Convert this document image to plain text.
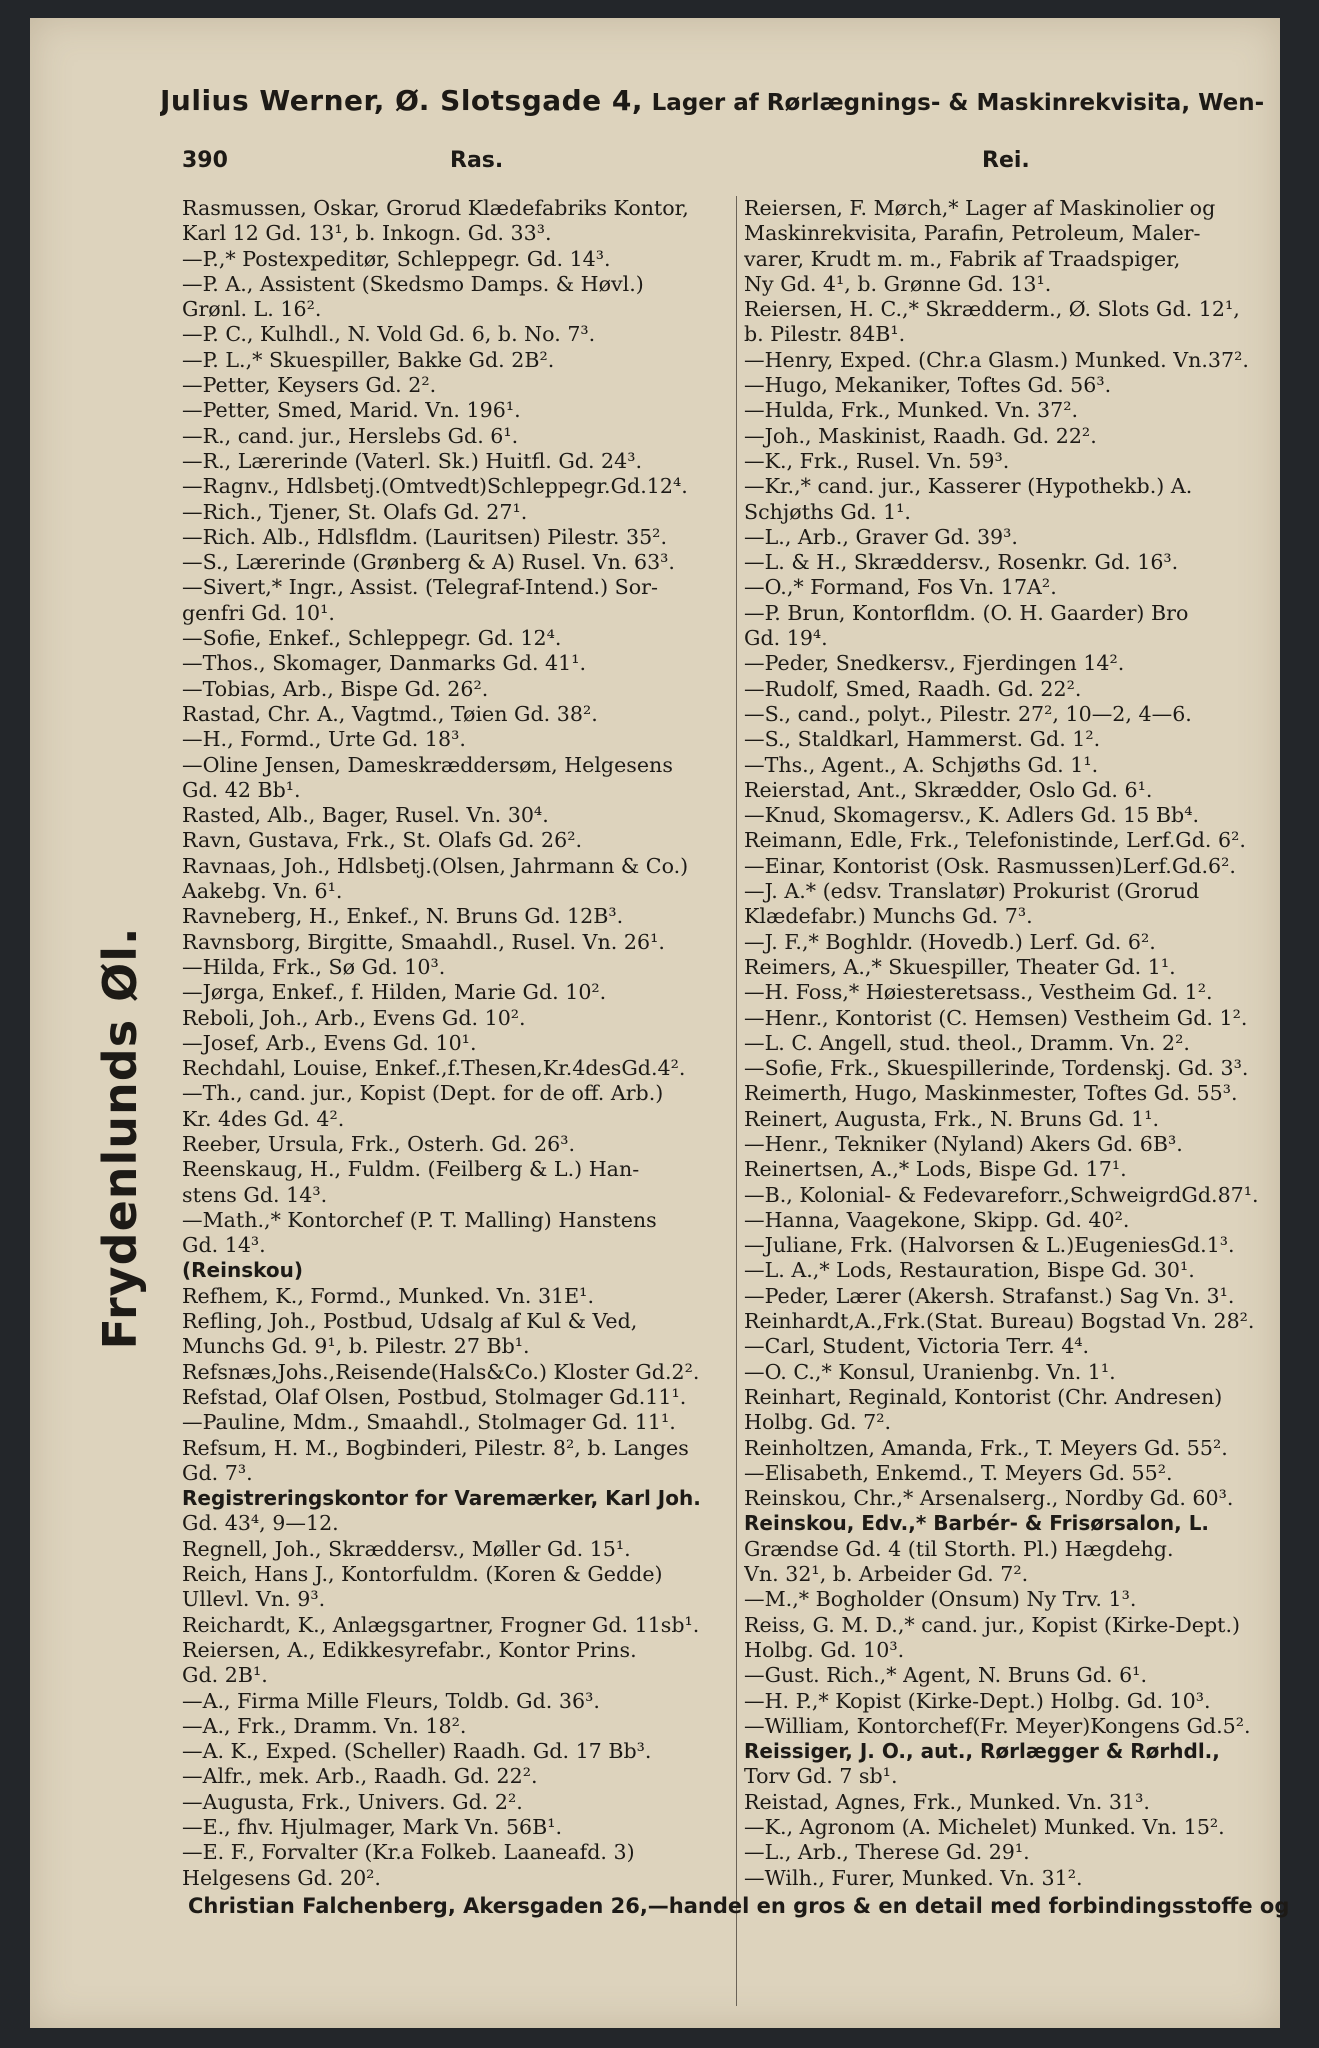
Julius Werner, Ø. Slotsgade 4, Lager af Rørlægnings- & Maskinrekvisita, Wen-
390	Ras.	Rei.
Frydenlunds Øl.
Rasmussen, Oskar, Grorud Klædefabriks Kontor,
Karl 12 Gd. 13¹, b. Inkogn. Gd. 33³.
—P.,* Postexpeditør, Schleppegr. Gd. 14³.
—P. A., Assistent (Skedsmo Damps. & Høvl.)
Grønl. L. 16².
—P. C., Kulhdl., N. Vold Gd. 6, b. No. 7³.
—P. L.,* Skuespiller, Bakke Gd. 2B².
—Petter, Keysers Gd. 2².
—Petter, Smed, Marid. Vn. 196¹.
—R., cand. jur., Herslebs Gd. 6¹.
—R., Lærerinde (Vaterl. Sk.) Huitfl. Gd. 24³.
—Ragnv., Hdlsbetj.(Omtvedt)Schleppegr.Gd.12⁴.
—Rich., Tjener, St. Olafs Gd. 27¹.
—Rich. Alb., Hdlsfldm. (Lauritsen) Pilestr. 35².
—S., Lærerinde (Grønberg & A) Rusel. Vn. 63³.
—Sivert,* Ingr., Assist. (Telegraf-Intend.) Sor-
genfri Gd. 10¹.
—Sofie, Enkef., Schleppegr. Gd. 12⁴.
—Thos., Skomager, Danmarks Gd. 41¹.
—Tobias, Arb., Bispe Gd. 26².
Rastad, Chr. A., Vagtmd., Tøien Gd. 38².
—H., Formd., Urte Gd. 18³.
—Oline Jensen, Dameskræddersøm, Helgesens
Gd. 42 Bb¹.
Rasted, Alb., Bager, Rusel. Vn. 30⁴.
Ravn, Gustava, Frk., St. Olafs Gd. 26².
Ravnaas, Joh., Hdlsbetj.(Olsen, Jahrmann & Co.)
Aakebg. Vn. 6¹.
Ravneberg, H., Enkef., N. Bruns Gd. 12B³.
Ravnsborg, Birgitte, Smaahdl., Rusel. Vn. 26¹.
—Hilda, Frk., Sø Gd. 10³.
—Jørga, Enkef., f. Hilden, Marie Gd. 10².
Reboli, Joh., Arb., Evens Gd. 10².
—Josef, Arb., Evens Gd. 10¹.
Rechdahl, Louise, Enkef.,f.Thesen,Kr.4desGd.4².
—Th., cand. jur., Kopist (Dept. for de off. Arb.)
Kr. 4des Gd. 4².
Reeber, Ursula, Frk., Osterh. Gd. 26³.
Reenskaug, H., Fuldm. (Feilberg & L.) Han-
stens Gd. 14³.
—Math.,* Kontorchef (P. T. Malling) Hanstens
Gd. 14³.
(Reinskou)
Refhem, K., Formd., Munked. Vn. 31E¹.
Refling, Joh., Postbud, Udsalg af Kul & Ved,
Munchs Gd. 9¹, b. Pilestr. 27 Bb¹.
Refsnæs,Johs.,Reisende(Hals&Co.) Kloster Gd.2².
Refstad, Olaf Olsen, Postbud, Stolmager Gd.11¹.
—Pauline, Mdm., Smaahdl., Stolmager Gd. 11¹.
Refsum, H. M., Bogbinderi, Pilestr. 8², b. Langes
Gd. 7³.
Registreringskontor for Varemærker, Karl Joh.
Gd. 43⁴, 9—12.
Regnell, Joh., Skræddersv., Møller Gd. 15¹.
Reich, Hans J., Kontorfuldm. (Koren & Gedde)
Ullevl. Vn. 9³.
Reichardt, K., Anlægsgartner, Frogner Gd. 11sb¹.
Reiersen, A., Edikkesyrefabr., Kontor Prins.
Gd. 2B¹.
—A., Firma Mille Fleurs, Toldb. Gd. 36³.
—A., Frk., Dramm. Vn. 18².
—A. K., Exped. (Scheller) Raadh. Gd. 17 Bb³.
—Alfr., mek. Arb., Raadh. Gd. 22².
—Augusta, Frk., Univers. Gd. 2².
—E., fhv. Hjulmager, Mark Vn. 56B¹.
—E. F., Forvalter (Kr.a Folkeb. Laaneafd. 3)
Helgesens Gd. 20².
Reiersen, F. Mørch,* Lager af Maskinolier og
Maskinrekvisita, Parafin, Petroleum, Maler-
varer, Krudt m. m., Fabrik af Traadspiger,
Ny Gd. 4¹, b. Grønne Gd. 13¹.
Reiersen, H. C.,* Skrædderm., Ø. Slots Gd. 12¹,
b. Pilestr. 84B¹.
—Henry, Exped. (Chr.a Glasm.) Munked. Vn.37².
—Hugo, Mekaniker, Toftes Gd. 56³.
—Hulda, Frk., Munked. Vn. 37².
—Joh., Maskinist, Raadh. Gd. 22².
—K., Frk., Rusel. Vn. 59³.
—Kr.,* cand. jur., Kasserer (Hypothekb.) A.
Schjøths Gd. 1¹.
—L., Arb., Graver Gd. 39³.
—L. & H., Skræddersv., Rosenkr. Gd. 16³.
—O.,* Formand, Fos Vn. 17A².
—P. Brun, Kontorfldm. (O. H. Gaarder) Bro
Gd. 19⁴.
—Peder, Snedkersv., Fjerdingen 14².
—Rudolf, Smed, Raadh. Gd. 22².
—S., cand., polyt., Pilestr. 27², 10—2, 4—6.
—S., Staldkarl, Hammerst. Gd. 1².
—Ths., Agent., A. Schjøths Gd. 1¹.
Reierstad, Ant., Skrædder, Oslo Gd. 6¹.
—Knud, Skomagersv., K. Adlers Gd. 15 Bb⁴.
Reimann, Edle, Frk., Telefonistinde, Lerf.Gd. 6².
—Einar, Kontorist (Osk. Rasmussen)Lerf.Gd.6².
—J. A.* (edsv. Translatør) Prokurist (Grorud
Klædefabr.) Munchs Gd. 7³.
—J. F.,* Boghldr. (Hovedb.) Lerf. Gd. 6².
Reimers, A.,* Skuespiller, Theater Gd. 1¹.
—H. Foss,* Høiesteretsass., Vestheim Gd. 1².
—Henr., Kontorist (C. Hemsen) Vestheim Gd. 1².
—L. C. Angell, stud. theol., Dramm. Vn. 2².
—Sofie, Frk., Skuespillerinde, Tordenskj. Gd. 3³.
Reimerth, Hugo, Maskinmester, Toftes Gd. 55³.
Reinert, Augusta, Frk., N. Bruns Gd. 1¹.
—Henr., Tekniker (Nyland) Akers Gd. 6B³.
Reinertsen, A.,* Lods, Bispe Gd. 17¹.
—B., Kolonial- & Fedevareforr.,SchweigrdGd.87¹.
—Hanna, Vaagekone, Skipp. Gd. 40².
—Juliane, Frk. (Halvorsen & L.)EugeniesGd.1³.
—L. A.,* Lods, Restauration, Bispe Gd. 30¹.
—Peder, Lærer (Akersh. Strafanst.) Sag Vn. 3¹.
Reinhardt,A.,Frk.(Stat. Bureau) Bogstad Vn. 28².
—Carl, Student, Victoria Terr. 4⁴.
—O. C.,* Konsul, Uranienbg. Vn. 1¹.
Reinhart, Reginald, Kontorist (Chr. Andresen)
Holbg. Gd. 7².
Reinholtzen, Amanda, Frk., T. Meyers Gd. 55².
—Elisabeth, Enkemd., T. Meyers Gd. 55².
Reinskou, Chr.,* Arsenalserg., Nordby Gd. 60³.
Reinskou, Edv.,* Barbér- & Frisørsalon, L.
Grændse Gd. 4 (til Storth. Pl.) Hægdehg.
Vn. 32¹, b. Arbeider Gd. 7².
—M.,* Bogholder (Onsum) Ny Trv. 1³.
Reiss, G. M. D.,* cand. jur., Kopist (Kirke-Dept.)
Holbg. Gd. 10³.
—Gust. Rich.,* Agent, N. Bruns Gd. 6¹.
—H. P.,* Kopist (Kirke-Dept.) Holbg. Gd. 10³.
—William, Kontorchef(Fr. Meyer)Kongens Gd.5².
Reissiger, J. O., aut., Rørlægger & Rørhdl.,
Torv Gd. 7 sb¹.
Reistad, Agnes, Frk., Munked. Vn. 31³.
—K., Agronom (A. Michelet) Munked. Vn. 15².
—L., Arb., Therese Gd. 29¹.
—Wilh., Furer, Munked. Vn. 31².
Christian Falchenberg, Akersgaden 26,—handel en gros & en detail med forbindingsstoffe og
